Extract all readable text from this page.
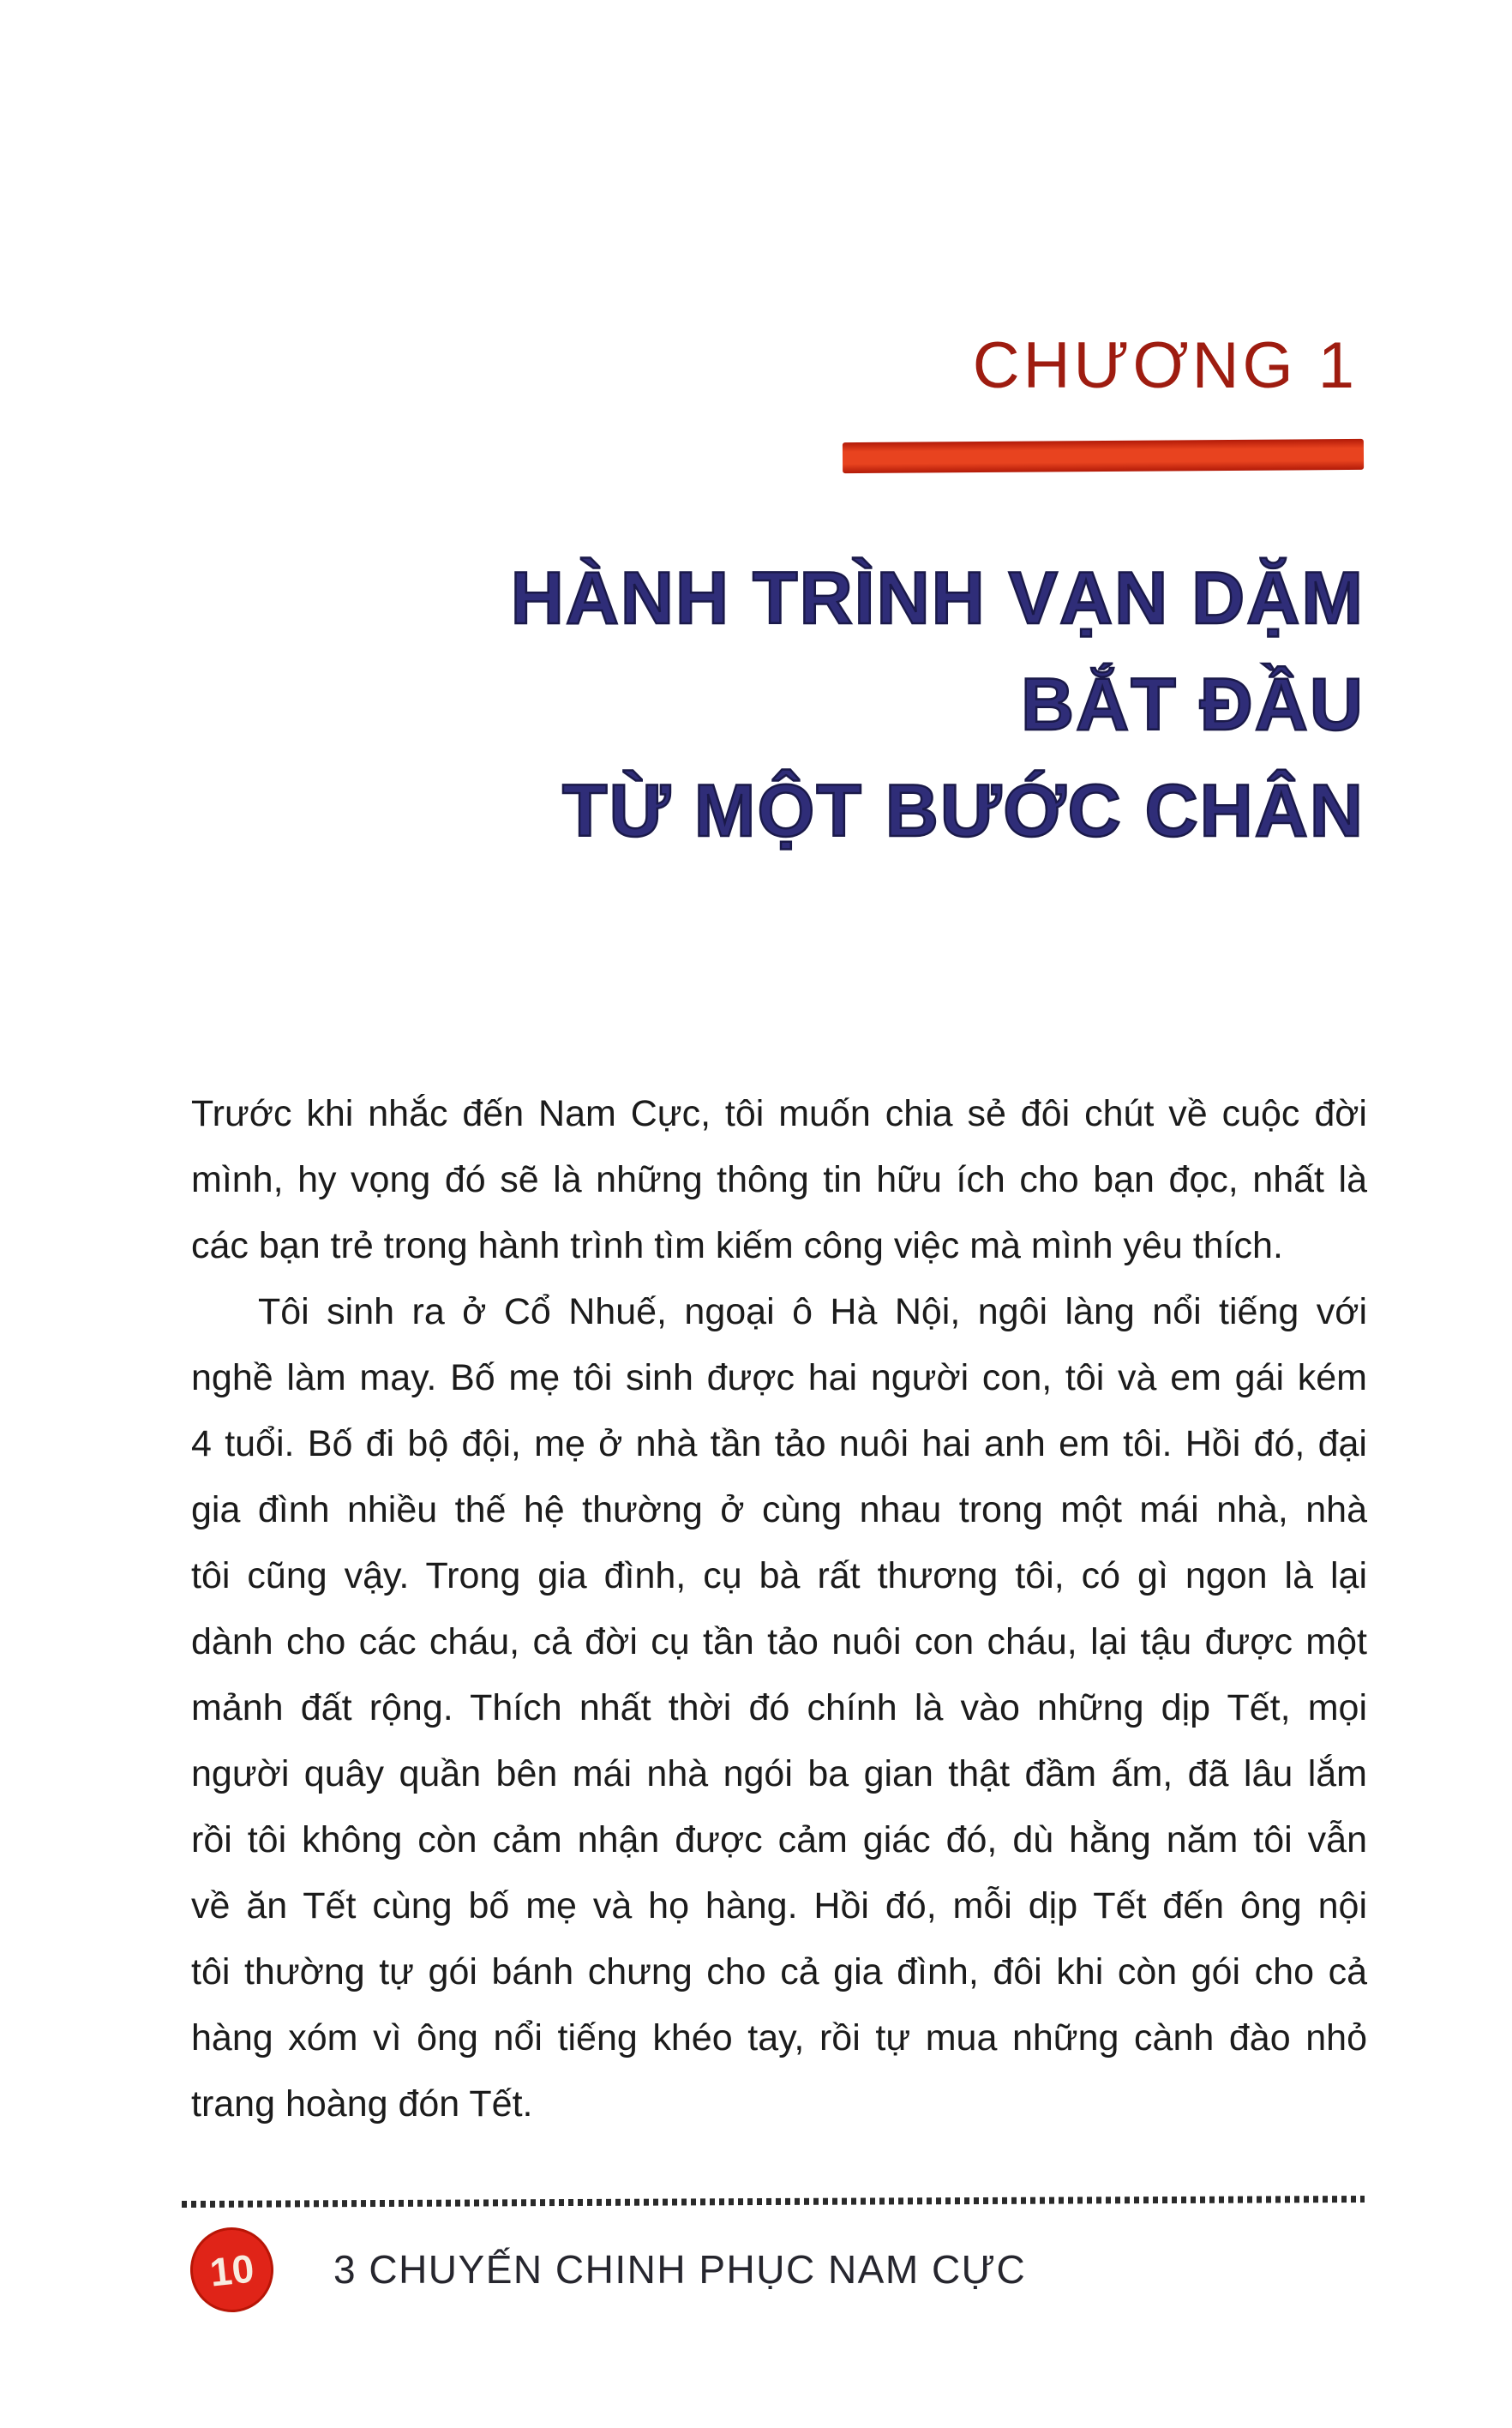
CHƯƠNG 1
HÀNH TRÌNH VẠN DẶM
BẮT ĐẦU
TỪ MỘT BƯỚC CHÂN
Trước khi nhắc đến Nam Cực, tôi muốn chia sẻ đôi chút về cuộc đời
mình, hy vọng đó sẽ là những thông tin hữu ích cho bạn đọc, nhất là
các bạn trẻ trong hành trình tìm kiếm công việc mà mình yêu thích.
Tôi sinh ra ở Cổ Nhuế, ngoại ô Hà Nội, ngôi làng nổi tiếng với
nghề làm may. Bố mẹ tôi sinh được hai người con, tôi và em gái kém
4 tuổi. Bố đi bộ đội, mẹ ở nhà tần tảo nuôi hai anh em tôi. Hồi đó, đại
gia đình nhiều thế hệ thường ở cùng nhau trong một mái nhà, nhà
tôi cũng vậy. Trong gia đình, cụ bà rất thương tôi, có gì ngon là lại
dành cho các cháu, cả đời cụ tần tảo nuôi con cháu, lại tậu được một
mảnh đất rộng. Thích nhất thời đó chính là vào những dịp Tết, mọi
người quây quần bên mái nhà ngói ba gian thật đầm ấm, đã lâu lắm
rồi tôi không còn cảm nhận được cảm giác đó, dù hằng năm tôi vẫn
về ăn Tết cùng bố mẹ và họ hàng. Hồi đó, mỗi dịp Tết đến ông nội
tôi thường tự gói bánh chưng cho cả gia đình, đôi khi còn gói cho cả
hàng xóm vì ông nổi tiếng khéo tay, rồi tự mua những cành đào nhỏ
trang hoàng đón Tết.
10 3 CHUYẾN CHINH PHỤC NAM CỰC
